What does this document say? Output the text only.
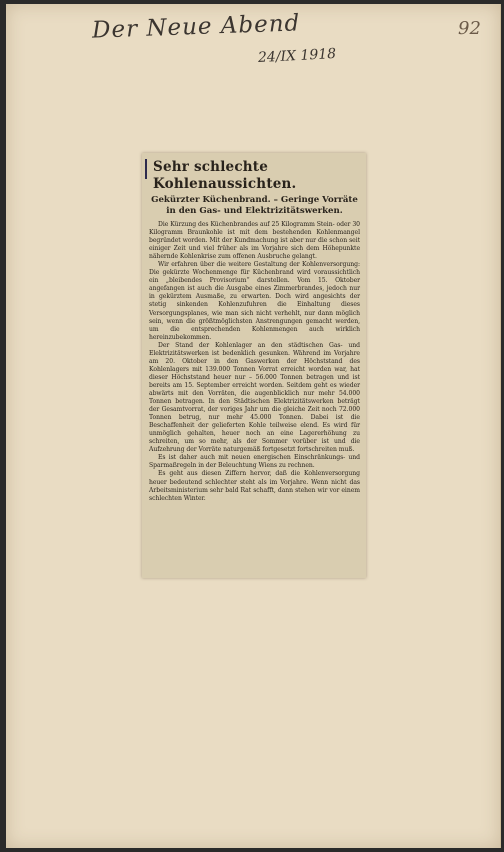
Der Neue Abend
24/IX 1918
92
Sehr schlechte Kohlenaussichten.
Gekürzter Küchenbrand. – Geringe Vorräte in den Gas- und Elektrizitätswerken.

Die Kürzung des Küchenbrandes auf 25 Kilogramm Stein- oder 30 Kilogramm Braunkohle ist mit dem bestehenden Kohlenmangel begründet worden. Mit der Kundmachung ist aber nur die schon seit einiger Zeit und viel früher als im Vorjahre sich dem Höhepunkte nähernde Kohlenkrise zum offenen Ausbruche gelangt.

Wir erfahren über die weitere Gestaltung der Kohlenversorgung: Die gekürzte Wochenmenge für Küchenbrand wird voraussichtlich ein „bleibendes Provisorium“ darstellen. Vom 15. Oktober angefangen ist auch die Ausgabe eines Zimmerbrandes, jedoch nur in gekürztem Ausmaße, zu erwarten. Doch wird angesichts der stetig sinkenden Kohlenzufuhren die Einhaltung dieses Versorgungsplanes, wie man sich nicht verhehlt, nur dann möglich sein, wenn die größtmöglichsten Anstrengungen gemacht werden, um die entsprechenden Kohlenmengen auch wirklich hereinzubekommen.

Der Stand der Kohlenlager an den städtischen Gas- und Elektrizitätswerken ist bedenklich gesunken. Während im Vorjahre am 20. Oktober in den Gaswerken der Höchststand des Kohlenlagers mit 139.000 Tonnen Vorrat erreicht worden war, hat dieser Höchststand heuer nur – 56.000 Tonnen betragen und ist bereits am 15. September erreicht worden. Seitdem geht es wieder abwärts mit den Vorräten, die augenblicklich nur mehr 54.000 Tonnen betragen. In den Städtischen Elektrizitätswerken beträgt der Gesamtvorrat, der voriges Jahr um die gleiche Zeit noch 72.000 Tonnen betrug, nur mehr 45.000 Tonnen. Dabei ist die Beschaffenheit der gelieferten Kohle teilweise elend. Es wird für unmöglich gehalten, heuer noch an eine Lagererhöhung zu schreiten, um so mehr, als der Sommer vorüber ist und die Aufzehrung der Vorräte naturgemäß fortgesetzt fortschreiten muß.

Es ist daher auch mit neuen energischen Einschränkungs- und Sparmaßregeln in der Beleuchtung Wiens zu rechnen.

Es geht aus diesen Ziffern hervor, daß die Kohlenversorgung heuer bedeutend schlechter steht als im Vorjahre. Wenn nicht das Arbeitsministerium sehr bald Rat schafft, dann stehen wir vor einem schlechten Winter.
